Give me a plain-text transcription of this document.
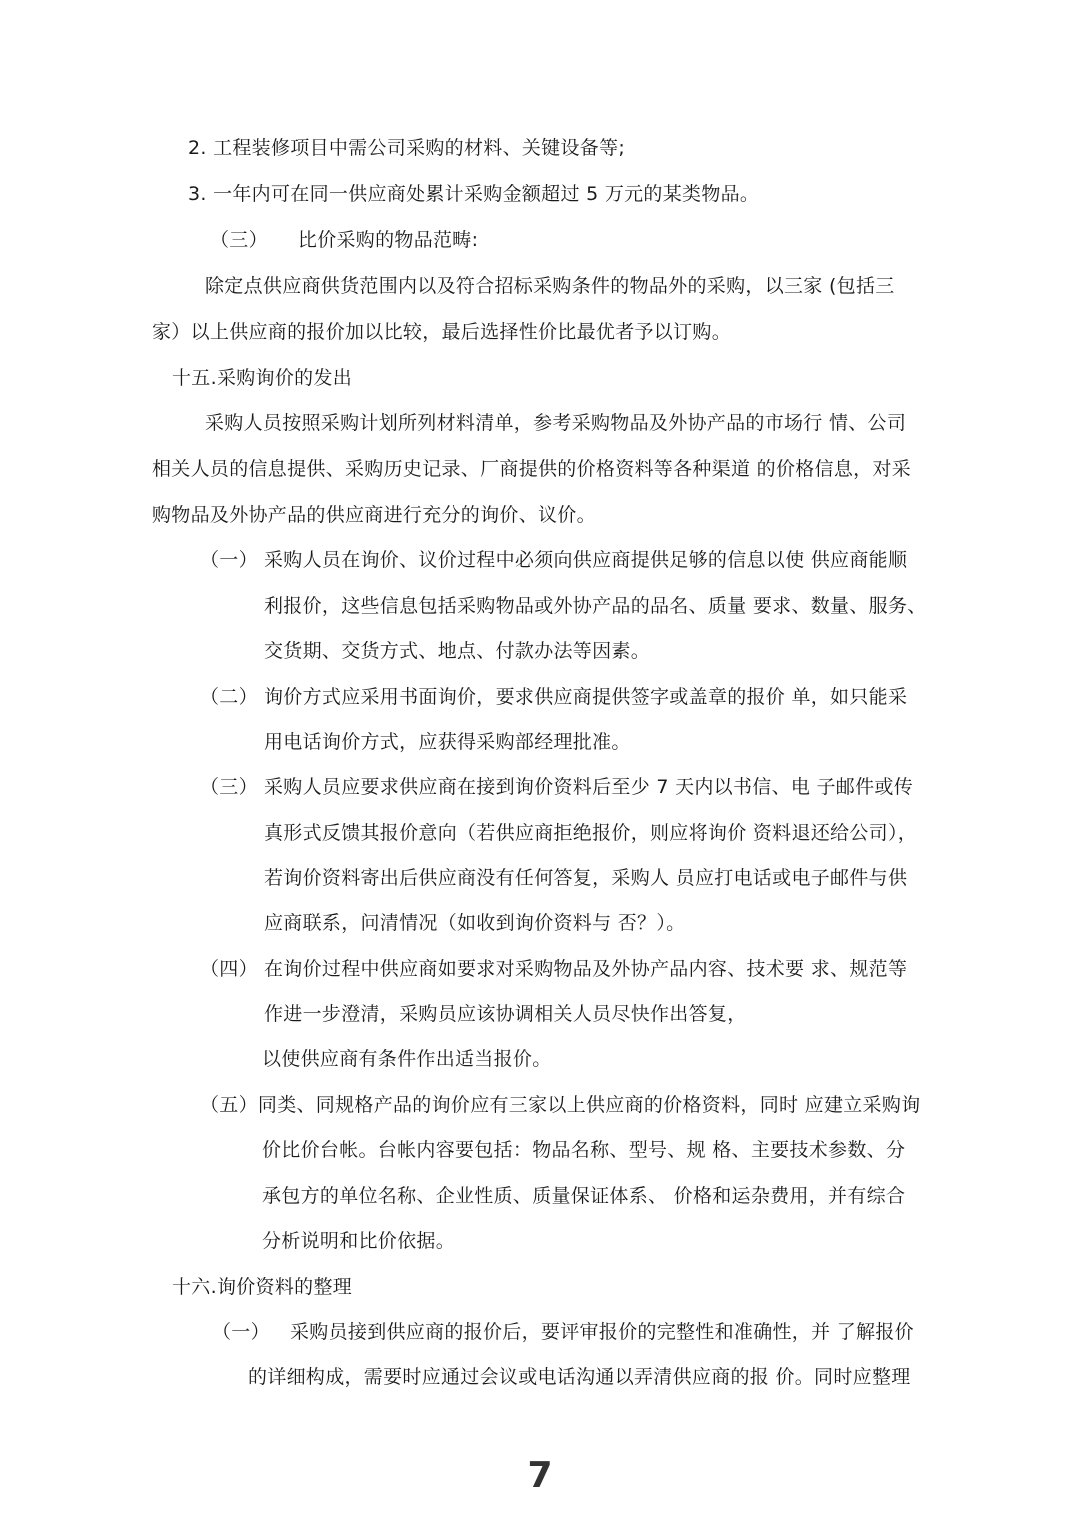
2. 工程装修项目中需公司采购的材料、关键设备等;
3. 一年内可在同一供应商处累计采购金额超过 5 万元的某类物品。
（三） 比价采购的物品范畴:
除定点供应商供货范围内以及符合招标采购条件的物品外的采购，以三家 (包括三
家）以上供应商的报价加以比较，最后选择性价比最优者予以订购。
十五.采购询价的发出
采购人员按照采购计划所列材料清单，参考采购物品及外协产品的市场行 情、公司
相关人员的信息提供、采购历史记录、厂商提供的价格资料等各种渠道 的价格信息，对采
购物品及外协产品的供应商进行充分的询价、议价。
（一） 采购人员在询价、议价过程中必须向供应商提供足够的信息以使 供应商能顺
利报价，这些信息包括采购物品或外协产品的品名、质量 要求、数量、服务、
交货期、交货方式、地点、付款办法等因素。
（二） 询价方式应采用书面询价，要求供应商提供签字或盖章的报价 单，如只能采
用电话询价方式，应获得采购部经理批准。
（三） 采购人员应要求供应商在接到询价资料后至少 7 天内以书信、电 子邮件或传
真形式反馈其报价意向（若供应商拒绝报价，则应将询价 资料退还给公司），
若询价资料寄出后供应商没有任何答复，采购人 员应打电话或电子邮件与供
应商联系，问清情况（如收到询价资料与 否？）。
（四） 在询价过程中供应商如要求对采购物品及外协产品内容、技术要 求、规范等
作进一步澄清，采购员应该协调相关人员尽快作出答复，
以使供应商有条件作出适当报价。
（五）同类、同规格产品的询价应有三家以上供应商的价格资料，同时 应建立采购询
价比价台帐。台帐内容要包括：物品名称、型号、规 格、主要技术参数、分
承包方的单位名称、企业性质、质量保证体系、 价格和运杂费用，并有综合
分析说明和比价依据。
十六.询价资料的整理
（一） 采购员接到供应商的报价后，要评审报价的完整性和准确性，并 了解报价
的详细构成，需要时应通过会议或电话沟通以弄清供应商的报 价。同时应整理
7
